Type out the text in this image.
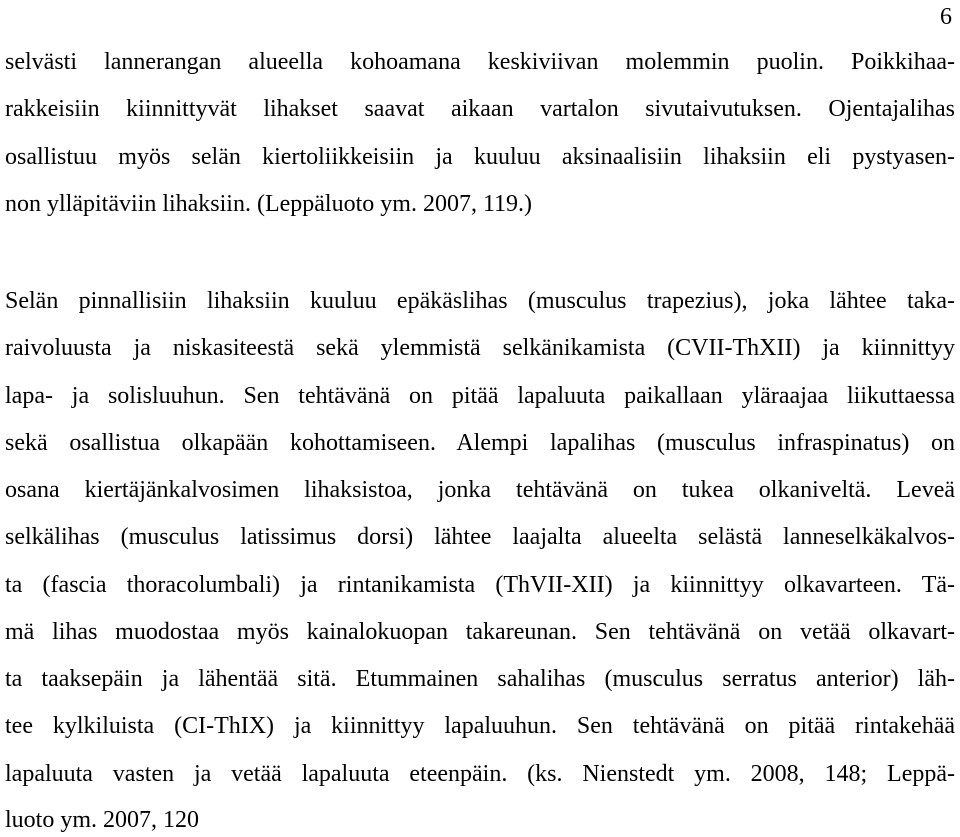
6
selvästi lannerangan alueella kohoamana keskiviivan molemmin puolin. Poikkihaa-
rakkeisiin kiinnittyvät lihakset saavat aikaan vartalon sivutaivutuksen. Ojentajalihas
osallistuu myös selän kiertoliikkeisiin ja kuuluu aksinaalisiin lihaksiin eli pystyasen-
non ylläpitäviin lihaksiin. (Leppäluoto ym. 2007, 119.)
Selän pinnallisiin lihaksiin kuuluu epäkäslihas (musculus trapezius), joka lähtee taka-
raivoluusta ja niskasiteestä sekä ylemmistä selkänikamista (CVII-ThXII) ja kiinnittyy
lapa- ja solisluuhun. Sen tehtävänä on pitää lapaluuta paikallaan yläraajaa liikuttaessa
sekä osallistua olkapään kohottamiseen. Alempi lapalihas (musculus infraspinatus) on
osana kiertäjänkalvosimen lihaksistoa, jonka tehtävänä on tukea olkaniveltä. Leveä
selkälihas (musculus latissimus dorsi) lähtee laajalta alueelta selästä lanneselkäkalvos-
ta (fascia thoracolumbali) ja rintanikamista (ThVII-XII) ja kiinnittyy olkavarteen. Tä-
mä lihas muodostaa myös kainalokuopan takareunan. Sen tehtävänä on vetää olkavart-
ta taaksepäin ja lähentää sitä. Etummainen sahalihas (musculus serratus anterior) läh-
tee kylkiluista (CI-ThIX) ja kiinnittyy lapaluuhun. Sen tehtävänä on pitää rintakehää
lapaluuta vasten ja vetää lapaluuta eteenpäin. (ks. Nienstedt ym. 2008, 148; Leppä-
luoto ym. 2007, 120
